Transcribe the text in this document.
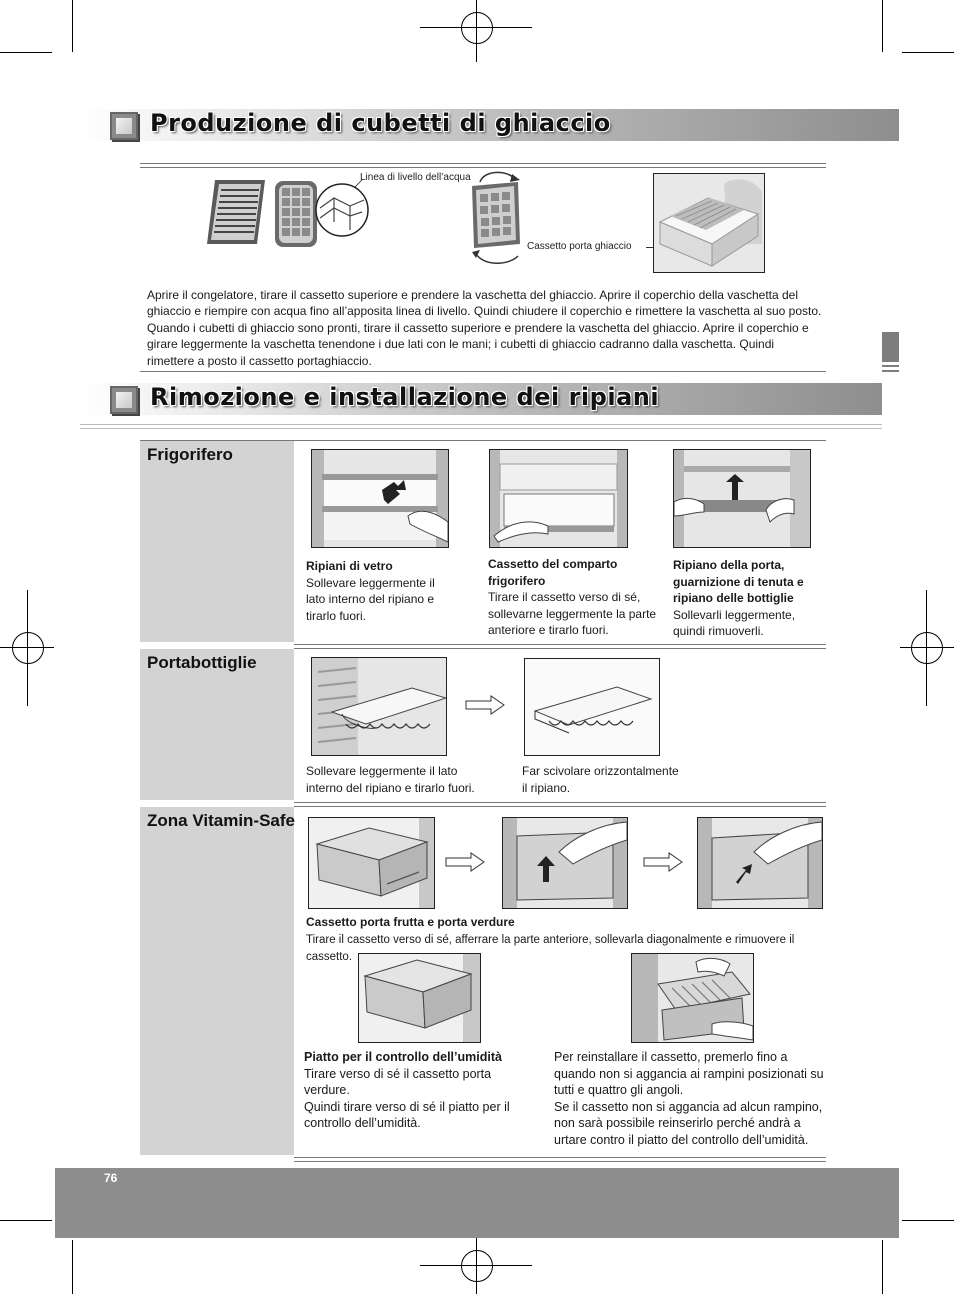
Produzione di cubetti di ghiaccio
Linea di livello dell’acqua
Cassetto porta ghiaccio
Aprire il congelatore, tirare il cassetto superiore e prendere la vaschetta del ghiaccio. Aprire il coperchio della vaschetta del ghiaccio e riempire con acqua fino all’apposita linea di livello. Quindi chiudere il coperchio e rimettere la vaschetta al suo posto. Quando i cubetti di ghiaccio sono pronti, tirare il cassetto superiore e prendere la vaschetta del ghiaccio. Aprire il coperchio e girare leggermente la vaschetta tenendone i due lati con le mani; i cubetti di ghiaccio cadranno dalla vaschetta. Quindi rimettere a posto il cassetto portaghiaccio.
Rimozione e installazione dei ripiani
Frigorifero
Ripiani di vetro
Sollevare leggermente il lato interno del ripiano e tirarlo fuori.
Cassetto del comparto frigorifero
Tirare il cassetto verso di sé, sollevarne leggermente la parte anteriore e tirarlo fuori.
Ripiano della porta, guarnizione di tenuta e ripiano delle bottiglie
Sollevarli leggermente, quindi rimuoverli.
Portabottiglie
Sollevare leggermente il lato interno del ripiano e tirarlo fuori.
Far scivolare orizzontalmente il ripiano.
Zona Vitamin-Safe
Cassetto porta frutta e porta verdure
Tirare il cassetto verso di sé, afferrare la parte anteriore, sollevarla diagonalmente e rimuovere il cassetto.
Piatto per il controllo dell’umidità
Tirare verso di sé il cassetto porta verdure.
Quindi tirare verso di sé il piatto per il controllo dell’umidità.
Per reinstallare il cassetto, premerlo fino a quando non si aggancia ai rampini posizionati su tutti e quattro gli angoli.
Se il cassetto non si aggancia ad alcun rampino, non sarà possibile reinserirlo perché andrà a urtare contro il piatto del controllo dell’umidità.
76
